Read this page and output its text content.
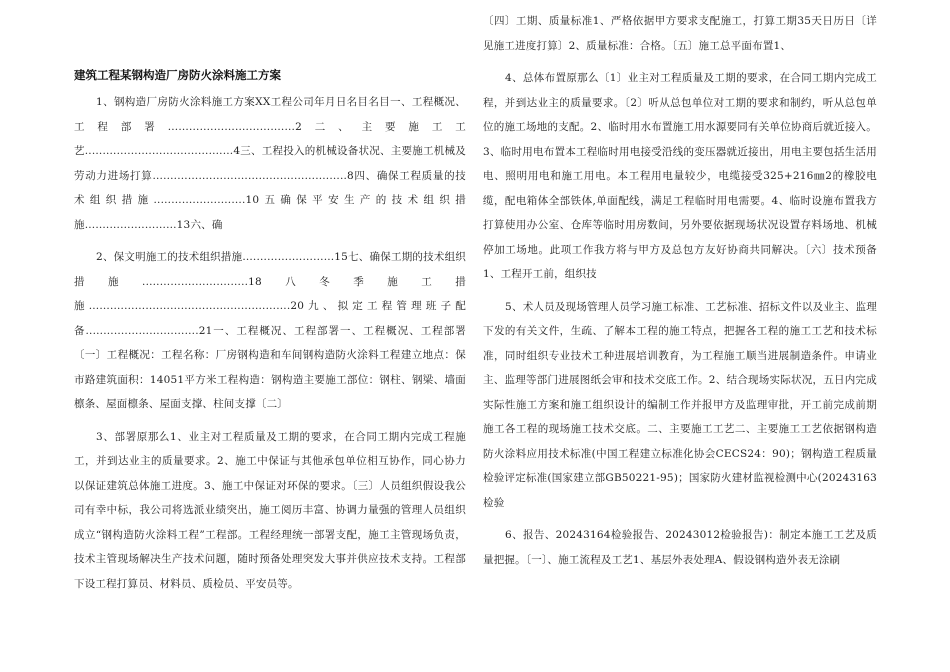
建筑工程某钢构造厂房防火涂料施工方案

1、钢构造厂房防火涂料施工方案XX工程公司年月日名目名目一、工程概况、工程部署....................................2二、主要施工工艺..........................................4三、工程投入的机械设备状况、主要施工机械及劳动力进场打算.......................................................8四、确保工程质量的技术组织措施..........................10五确保平安生产的技术组织措施..........................13六、确

2、保文明施工的技术组织措施..........................15七、确保工期的技术组织措施..............................18八冬季施工措施.........................................................20九、拟定工程管理班子配备................................21一、工程概况、工程部署一、工程概况、工程部署〔一〕工程概况：工程名称：厂房钢构造和车间钢构造防火涂料工程建立地点：保市路建筑面积：14051平方米工程构造：钢构造主要施工部位：钢柱、钢梁、墙面檩条、屋面檩条、屋面支撑、柱间支撑〔二〕

3、部署原那么1、业主对工程质量及工期的要求，在合同工期内完成工程施工，并到达业主的质量要求。2、施工中保证与其他承包单位相互协作，同心协力以保证建筑总体施工进度。3、施工中保证对环保的要求。〔三〕人员组织假设我公司有幸中标，我公司将选派业绩突出，施工阅历丰富、协调力量强的管理人员组织成立“钢构造防火涂料工程”工程部。工程经理统一部署支配，施工主管现场负责，技术主管现场解决生产技术问题，随时预备处理突发大事并供应技术支持。工程部下设工程打算员、材料员、质检员、平安员等。

〔四〕工期、质量标准1、严格依据甲方要求支配施工，打算工期35天日历日〔详见施工进度打算〕2、质量标准：合格。〔五〕施工总平面布置1、

4、总体布置原那么〔1〕业主对工程质量及工期的要求，在合同工期内完成工程，并到达业主的质量要求。〔2〕听从总包单位对工期的要求和制约，听从总包单位的施工场地的支配。2、临时用水布置施工用水源要同有关单位协商后就近接入。3、临时用电布置本工程临时用电接受沿线的变压器就近接出，用电主要包括生活用电、照明用电和施工用电。本工程用电量较少，电缆接受325+216㎜2的橡胶电缆，配电箱体全部铁体,单面配线，满足工程临时用电需要。4、临时设施布置我方打算使用办公室、仓库等临时用房数间，另外要依据现场状况设置存料场地、机械停加工场地。此项工作我方将与甲方及总包方友好协商共同解决。〔六〕技术预备1、工程开工前，组织技

5、术人员及现场管理人员学习施工标准、工艺标准、招标文件以及业主、监理下发的有关文件，生疏、了解本工程的施工特点，把握各工程的施工工艺和技术标准，同时组织专业技术工种进展培训教育，为工程施工顺当进展制造条件。申请业主、监理等部门进展图纸会审和技术交底工作。2、结合现场实际状况，五日内完成实际性施工方案和施工组织设计的编制工作并报甲方及监理审批，开工前完成前期施工各工程的现场施工技术交底。二、主要施工工艺二、主要施工工艺依据钢构造防火涂料应用技术标准(中国工程建立标准化协会CECS24：90)；钢构造工程质量检验评定标准(国家建立部GB50221-95)；国家防火建材监视检测中心(20243163检验

6、报告、20243164检验报告、20243012检验报告)：制定本施工工艺及质量把握。〔一〕、施工流程及工艺1、基层外表处理A、假设钢构造外表无涂刷
